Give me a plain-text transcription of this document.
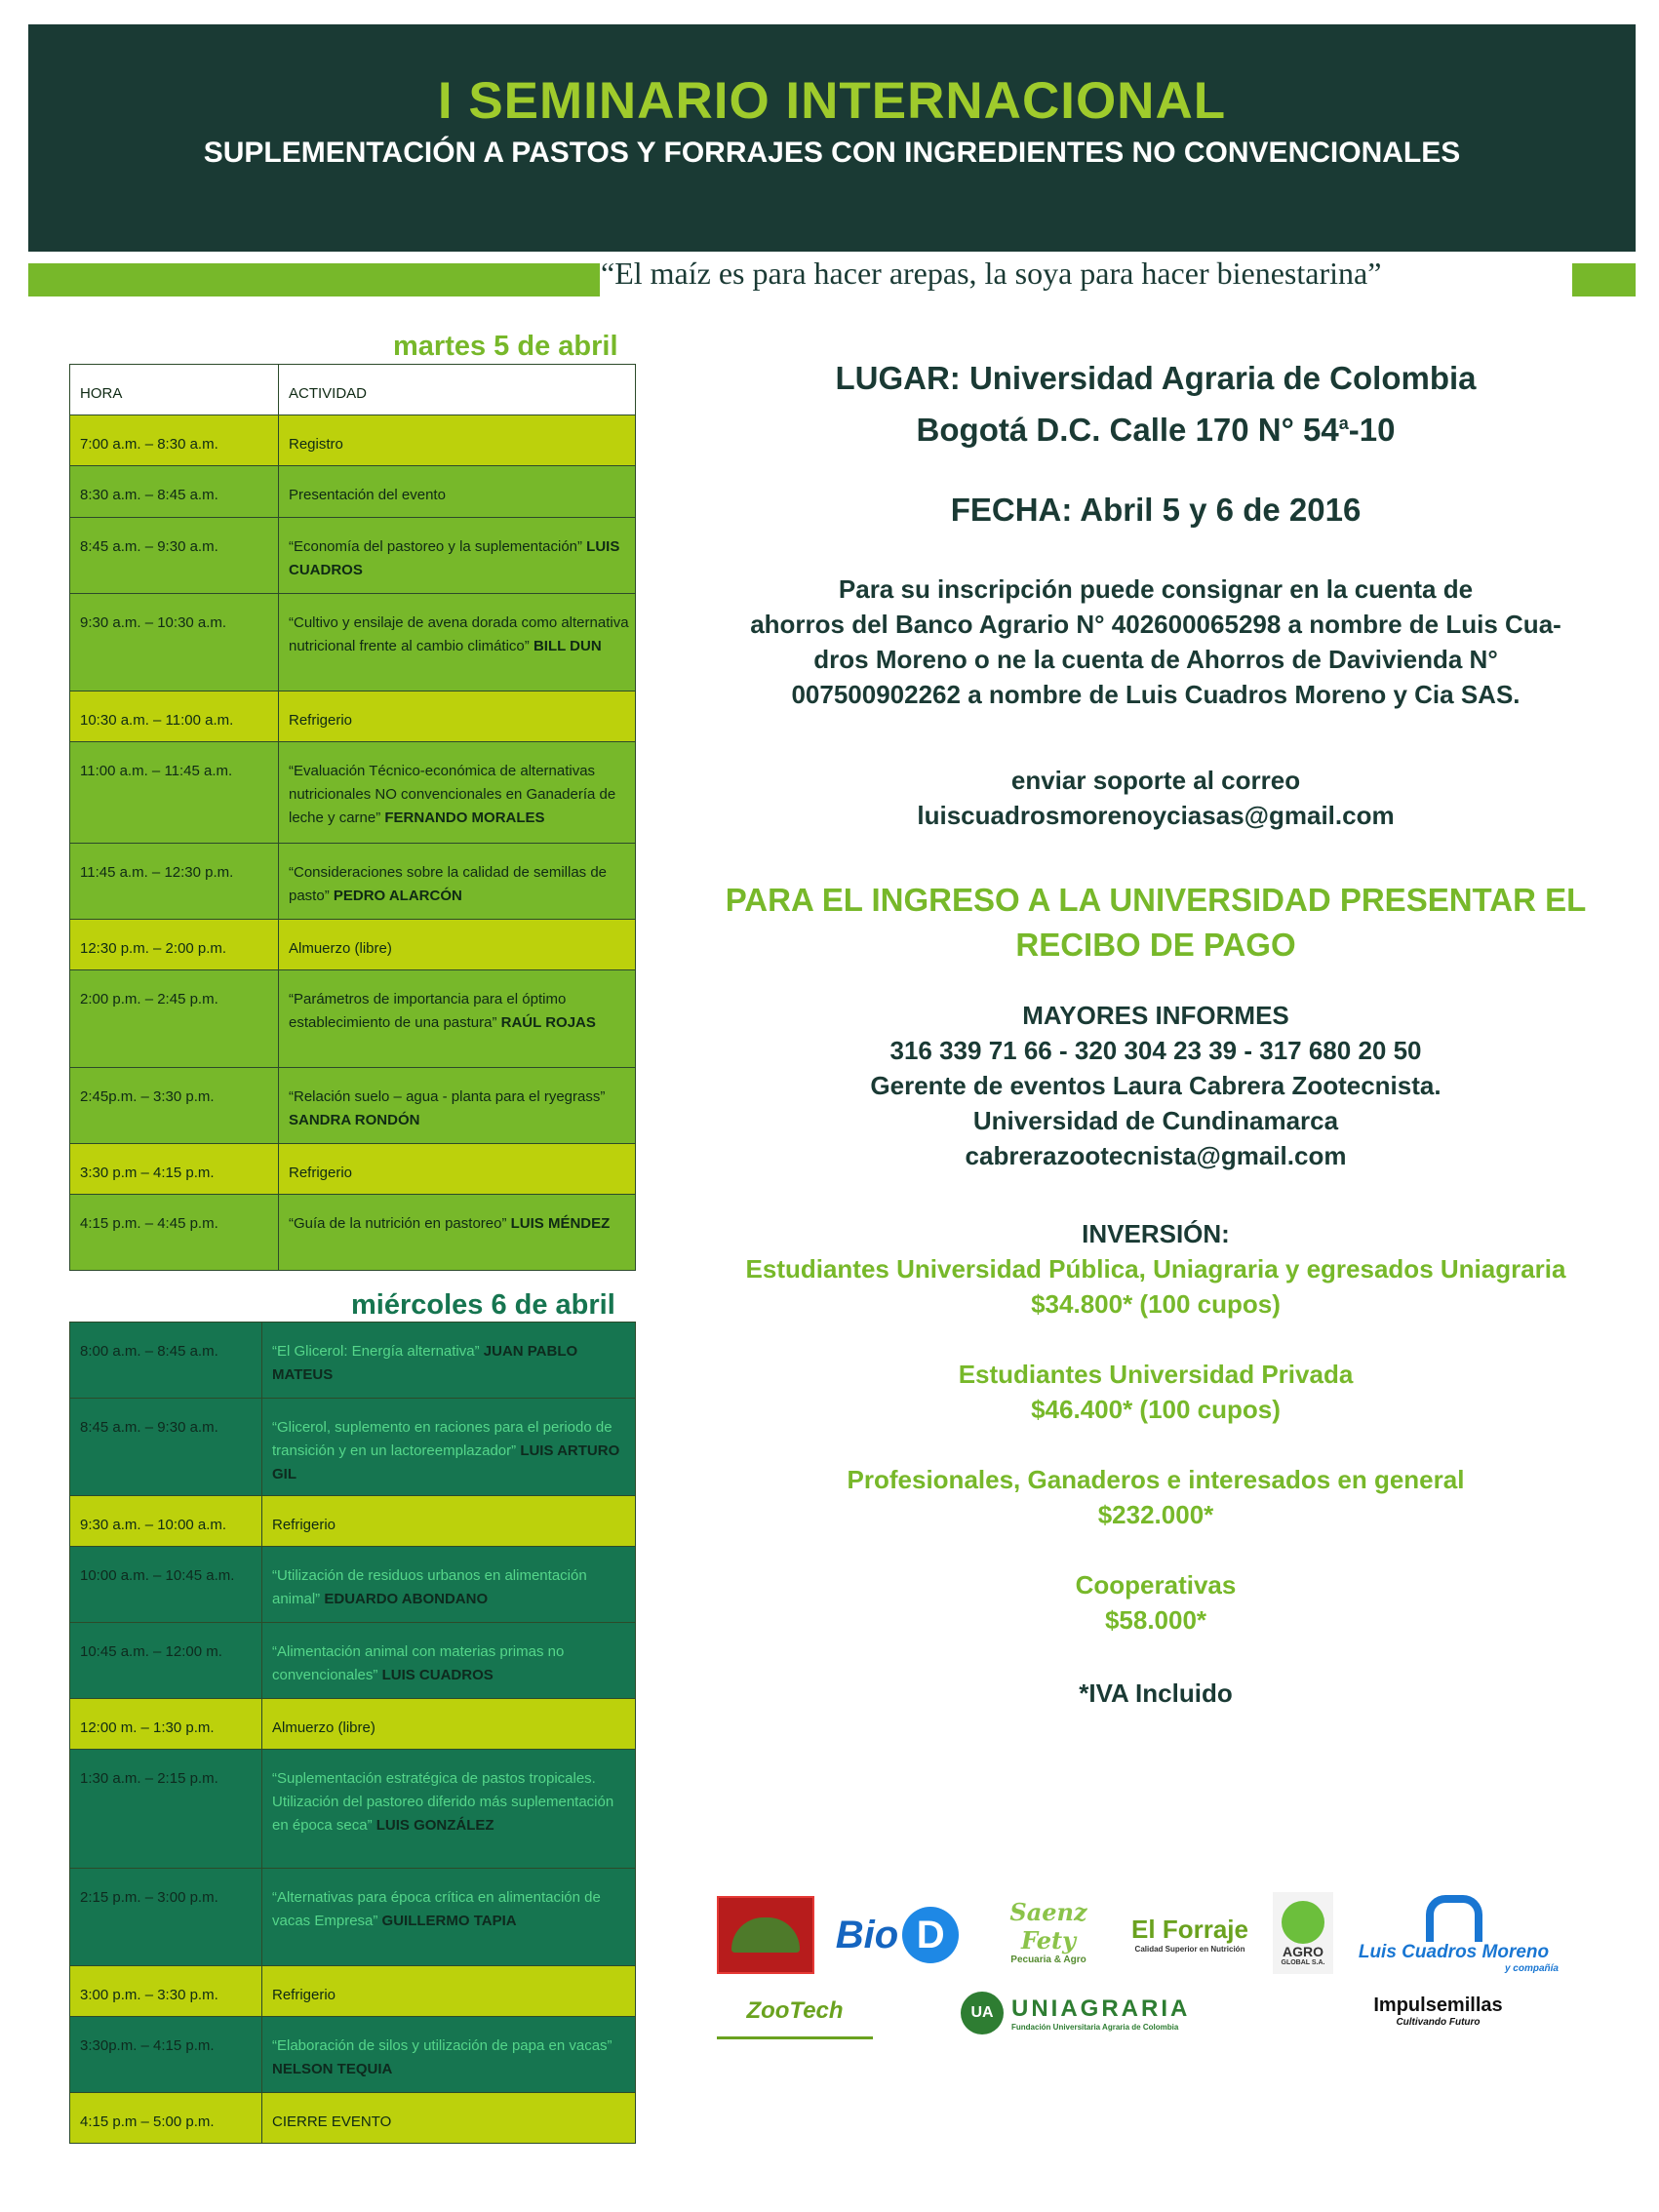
I SEMINARIO INTERNACIONAL
SUPLEMENTACIÓN A PASTOS Y FORRAJES CON INGREDIENTES NO CONVENCIONALES
“El maíz es para hacer arepas, la soya para hacer bienestarina”
martes 5 de abril
HORA	ACTIVIDAD
7:00 a.m. – 8:30 a.m.	Registro
8:30 a.m. – 8:45 a.m.	Presentación del evento
8:45 a.m. – 9:30 a.m.	“Economía del pastoreo y la suplementación” LUIS CUADROS
9:30 a.m. – 10:30 a.m.	“Cultivo y ensilaje de avena dorada como alternativa nutricional frente al cambio climático” BILL DUN
10:30 a.m. – 11:00 a.m.	Refrigerio
11:00 a.m. – 11:45 a.m.	“Evaluación Técnico-económica de alternativas nutricionales NO convencionales en Ganadería de leche y carne” FERNANDO MORALES
11:45 a.m. – 12:30 p.m.	“Consideraciones sobre la calidad de semillas de pasto” PEDRO ALARCÓN
12:30 p.m. – 2:00 p.m.	Almuerzo (libre)
2:00 p.m. – 2:45 p.m.	“Parámetros de importancia para el óptimo establecimiento de una pastura” RAÚL ROJAS
2:45p.m. – 3:30 p.m.	“Relación suelo – agua - planta para el ryegrass” SANDRA RONDÓN
3:30 p.m – 4:15 p.m.	Refrigerio
4:15 p.m. – 4:45 p.m.	“Guía de la nutrición en pastoreo” LUIS MÉNDEZ
miércoles 6 de abril
8:00 a.m. – 8:45 a.m.	“El Glicerol: Energía alternativa” JUAN PABLO MATEUS
8:45 a.m. – 9:30 a.m.	“Glicerol, suplemento en raciones para el periodo de transición y en un lactoreemplazador” LUIS ARTURO GIL
9:30 a.m. – 10:00 a.m.	Refrigerio
10:00 a.m. – 10:45 a.m.	“Utilización de residuos urbanos en alimentación animal” EDUARDO ABONDANO
10:45 a.m. – 12:00 m.	“Alimentación animal con materias primas no convencionales” LUIS CUADROS
12:00 m. – 1:30 p.m.	Almuerzo (libre)
1:30 a.m. – 2:15 p.m.	“Suplementación estratégica de pastos tropicales. Utilización del pastoreo diferido más suplementación en época seca” LUIS GONZÁLEZ
2:15 p.m. – 3:00 p.m.	“Alternativas para época crítica en alimentación de vacas Empresa” GUILLERMO TAPIA
3:00 p.m. – 3:30 p.m.	Refrigerio
3:30p.m. – 4:15 p.m.	“Elaboración de silos y utilización de papa en vacas” NELSON TEQUIA
4:15 p.m – 5:00 p.m.	CIERRE EVENTO
LUGAR: Universidad Agraria de Colombia
Bogotá D.C. Calle 170 N° 54$^a$-10
FECHA: Abril 5 y 6 de 2016
Para su inscripción puede consignar en la cuenta de
ahorros del Banco Agrario N° 402600065298 a nombre de Luis Cua-
dros Moreno o ne la cuenta de Ahorros de Davivienda N°
007500902262 a nombre de Luis Cuadros Moreno y Cia SAS.
enviar soporte al correo
luiscuadrosmorenoyciasas@gmail.com
PARA EL INGRESO A LA UNIVERSIDAD PRESENTAR EL
RECIBO DE PAGO
MAYORES INFORMES
316 339 71 66 - 320 304 23 39 - 317 680 20 50
Gerente de eventos Laura Cabrera Zootecnista.
Universidad de Cundinamarca
cabrerazootecnista@gmail.com
INVERSIÓN:
Estudiantes Universidad Pública, Uniagraria y egresados Uniagraria
$34.800* (100 cupos)
Estudiantes Universidad Privada
$46.400* (100 cupos)
Profesionales, Ganaderos e interesados en general
$232.000*
Cooperativas
$58.000*
*IVA Incluido
Bio D
Saenz Fety
Pecuaria & Agro
El Forraje
Calidad Superior en Nutrición	AGRO
GLOBAL S.A.
Luis Cuadros Moreno
y compañía
ZooTech	UA UNIAGRARIA
Fundación Universitaria Agraria de Colombia
Impulsemillas
Cultivando Futuro
